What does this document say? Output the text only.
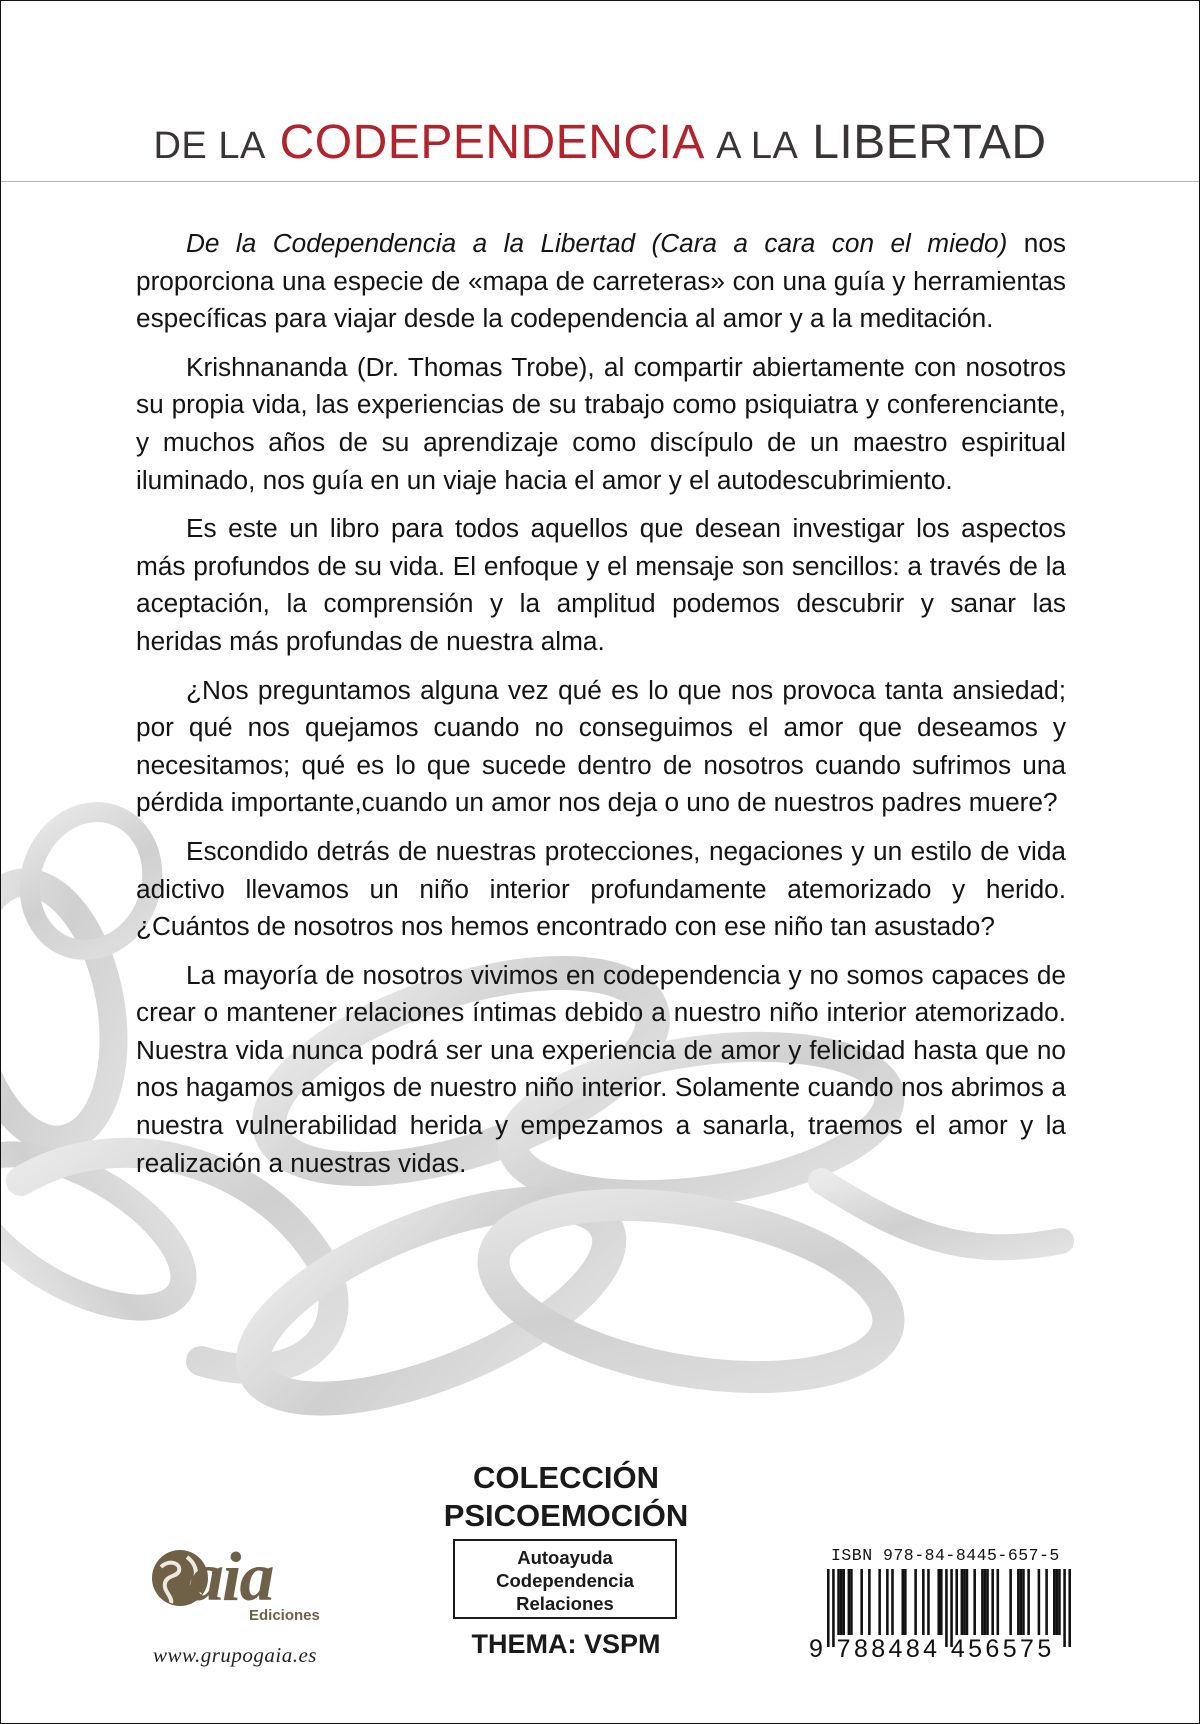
DE LA CODEPENDENCIA A LA LIBERTAD

De la Codependencia a la Libertad (Cara a cara con el miedo) nos proporciona una especie de «mapa de carreteras» con una guía y herramientas específicas para viajar desde la codependencia al amor y a la meditación.

Krishnananda (Dr. Thomas Trobe), al compartir abiertamente con nosotros su propia vida, las experiencias de su trabajo como psiquiatra y conferenciante, y muchos años de su aprendizaje como discípulo de un maestro espiritual iluminado, nos guía en un viaje hacia el amor y el autodescubrimiento.

Es este un libro para todos aquellos que desean investigar los aspectos más profundos de su vida. El enfoque y el mensaje son sencillos: a través de la aceptación, la comprensión y la amplitud podemos descubrir y sanar las heridas más profundas de nuestra alma.

¿Nos preguntamos alguna vez qué es lo que nos provoca tanta ansiedad; por qué nos quejamos cuando no conseguimos el amor que deseamos y necesitamos; qué es lo que sucede dentro de nosotros cuando sufrimos una pérdida importante,cuando un amor nos deja o uno de nuestros padres muere?

Escondido detrás de nuestras protecciones, negaciones y un estilo de vida adictivo llevamos un niño interior profundamente atemorizado y herido. ¿Cuántos de nosotros nos hemos encontrado con ese niño tan asustado?

La mayoría de nosotros vivimos en codependencia y no somos capaces de crear o mantener relaciones íntimas debido a nuestro niño interior atemorizado. Nuestra vida nunca podrá ser una experiencia de amor y felicidad hasta que no nos hagamos amigos de nuestro niño interior. Solamente cuando nos abrimos a nuestra vulnerabilidad herida y empezamos a sanarla, traemos el amor y la realización a nuestras vidas.

aia
Ediciones
www.grupogaia.es
COLECCIÓN
PSICOEMOCIÓN
Autoayuda
Codependencia
Relaciones
THEMA: VSPM
ISBN 978-84-8445-657-5
9 788484 456575
